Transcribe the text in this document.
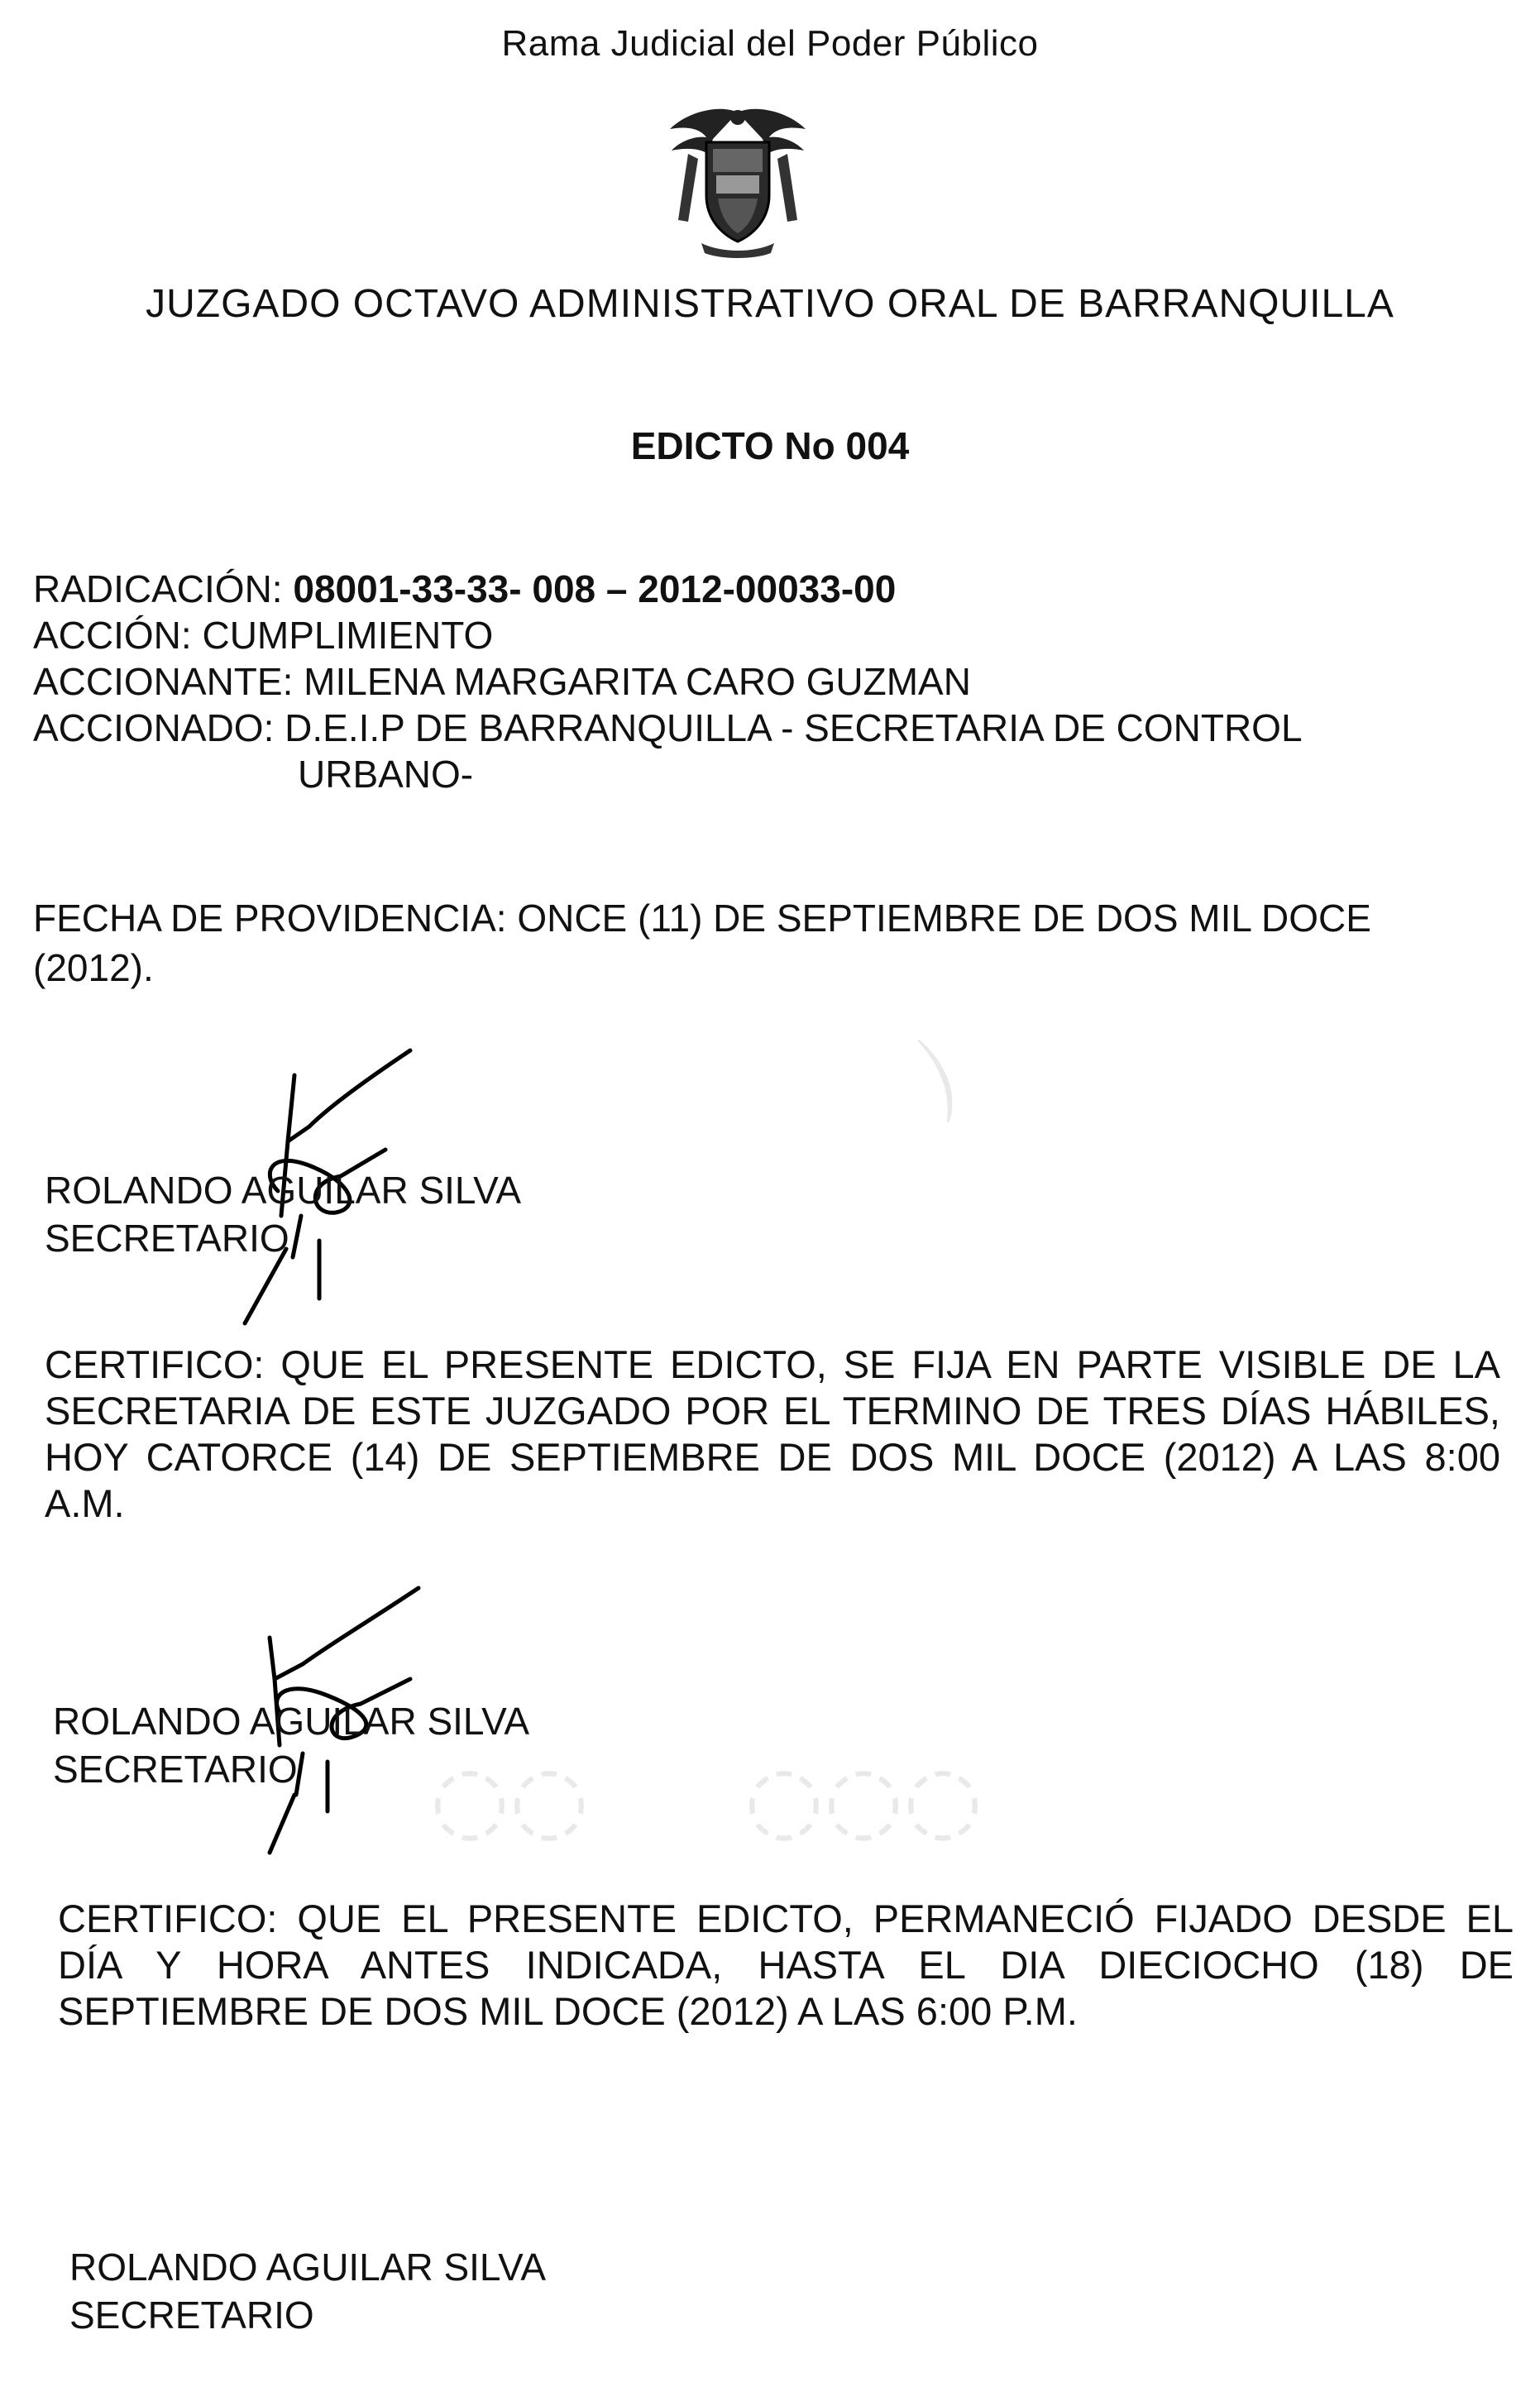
Rama Judicial del Poder Público
JUZGADO OCTAVO ADMINISTRATIVO ORAL DE BARRANQUILLA
EDICTO No 004
RADICACIÓN: 08001-33-33- 008 – 2012-00033-00
ACCIÓN: CUMPLIMIENTO
ACCIONANTE: MILENA MARGARITA CARO GUZMAN
ACCIONADO: D.E.I.P DE BARRANQUILLA - SECRETARIA DE CONTROL
URBANO-
FECHA DE PROVIDENCIA: ONCE (11) DE SEPTIEMBRE DE DOS MIL DOCE
(2012).
⌒
◌◌ ◌◌◌
ROLANDO AGUILAR SILVA
SECRETARIO
CERTIFICO: QUE EL PRESENTE EDICTO, SE FIJA EN PARTE VISIBLE DE LA SECRETARIA DE ESTE JUZGADO POR EL TERMINO DE TRES DÍAS HÁBILES, HOY CATORCE (14) DE SEPTIEMBRE DE DOS MIL DOCE (2012) A LAS 8:00 A.M.
ROLANDO AGUILAR SILVA
SECRETARIO
CERTIFICO: QUE EL PRESENTE EDICTO, PERMANECIÓ FIJADO DESDE EL DÍA Y HORA ANTES INDICADA, HASTA EL DIA DIECIOCHO (18) DE SEPTIEMBRE DE DOS MIL DOCE (2012) A LAS 6:00 P.M.
ROLANDO AGUILAR SILVA
SECRETARIO
